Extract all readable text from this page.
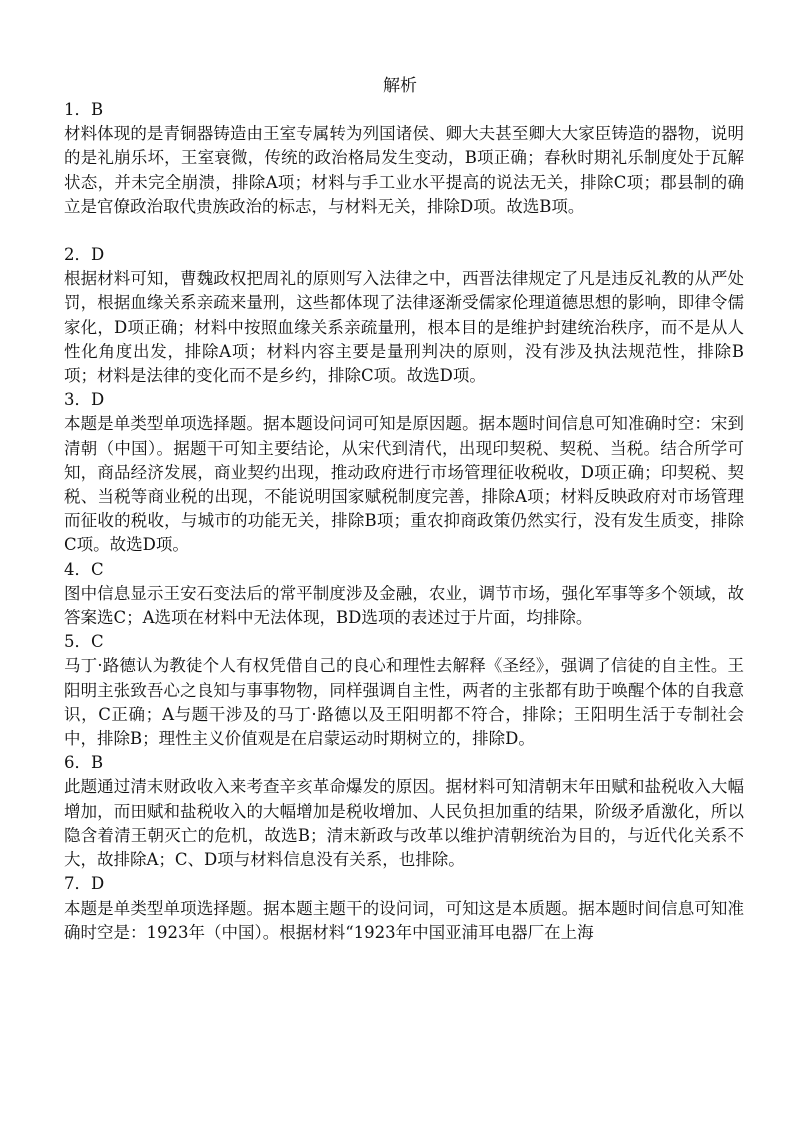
解析
1．B
材料体现的是青铜器铸造由王室专属转为列国诸侯、卿大夫甚至卿大大家臣铸造的器物，说明的是礼崩乐坏，王室衰微，传统的政治格局发生变动，B项正确；春秋时期礼乐制度处于瓦解状态，并未完全崩溃，排除A项；材料与手工业水平提高的说法无关，排除C项；郡县制的确立是官僚政治取代贵族政治的标志，与材料无关，排除D项。故选B项。
2．D
根据材料可知，曹魏政权把周礼的原则写入法律之中，西晋法律规定了凡是违反礼教的从严处罚，根据血缘关系亲疏来量刑，这些都体现了法律逐渐受儒家伦理道德思想的影响，即律令儒家化，D项正确；材料中按照血缘关系亲疏量刑，根本目的是维护封建统治秩序，而不是从人性化角度出发，排除A项；材料内容主要是量刑判决的原则，没有涉及执法规范性，排除B项；材料是法律的变化而不是乡约，排除C项。故选D项。
3．D
本题是单类型单项选择题。据本题设问词可知是原因题。据本题时间信息可知准确时空：宋到清朝（中国）。据题干可知主要结论，从宋代到清代，出现印契税、契税、当税。结合所学可知，商品经济发展，商业契约出现，推动政府进行市场管理征收税收，D项正确；印契税、契税、当税等商业税的出现，不能说明国家赋税制度完善，排除A项；材料反映政府对市场管理而征收的税收，与城市的功能无关，排除B项；重农抑商政策仍然实行，没有发生质变，排除C项。故选D项。
4．C
图中信息显示王安石变法后的常平制度涉及金融，农业，调节市场，强化军事等多个领域，故答案选C；A选项在材料中无法体现，BD选项的表述过于片面，均排除。
5．C
马丁·路德认为教徒个人有权凭借自己的良心和理性去解释《圣经》，强调了信徒的自主性。王阳明主张致吾心之良知与事事物物，同样强调自主性，两者的主张都有助于唤醒个体的自我意识，C正确；A与题干涉及的马丁·路德以及王阳明都不符合，排除；王阳明生活于专制社会中，排除B；理性主义价值观是在启蒙运动时期树立的，排除D。
6．B
此题通过清末财政收入来考查辛亥革命爆发的原因。据材料可知清朝末年田赋和盐税收入大幅增加，而田赋和盐税收入的大幅增加是税收增加、人民负担加重的结果，阶级矛盾激化，所以隐含着清王朝灭亡的危机，故选B；清末新政与改革以维护清朝统治为目的，与近代化关系不大，故排除A；C、D项与材料信息没有关系，也排除。
7．D
本题是单类型单项选择题。据本题主题干的设问词，可知这是本质题。据本题时间信息可知准确时空是：1923年（中国）。根据材料“1923年中国亚浦耳电器厂在上海
